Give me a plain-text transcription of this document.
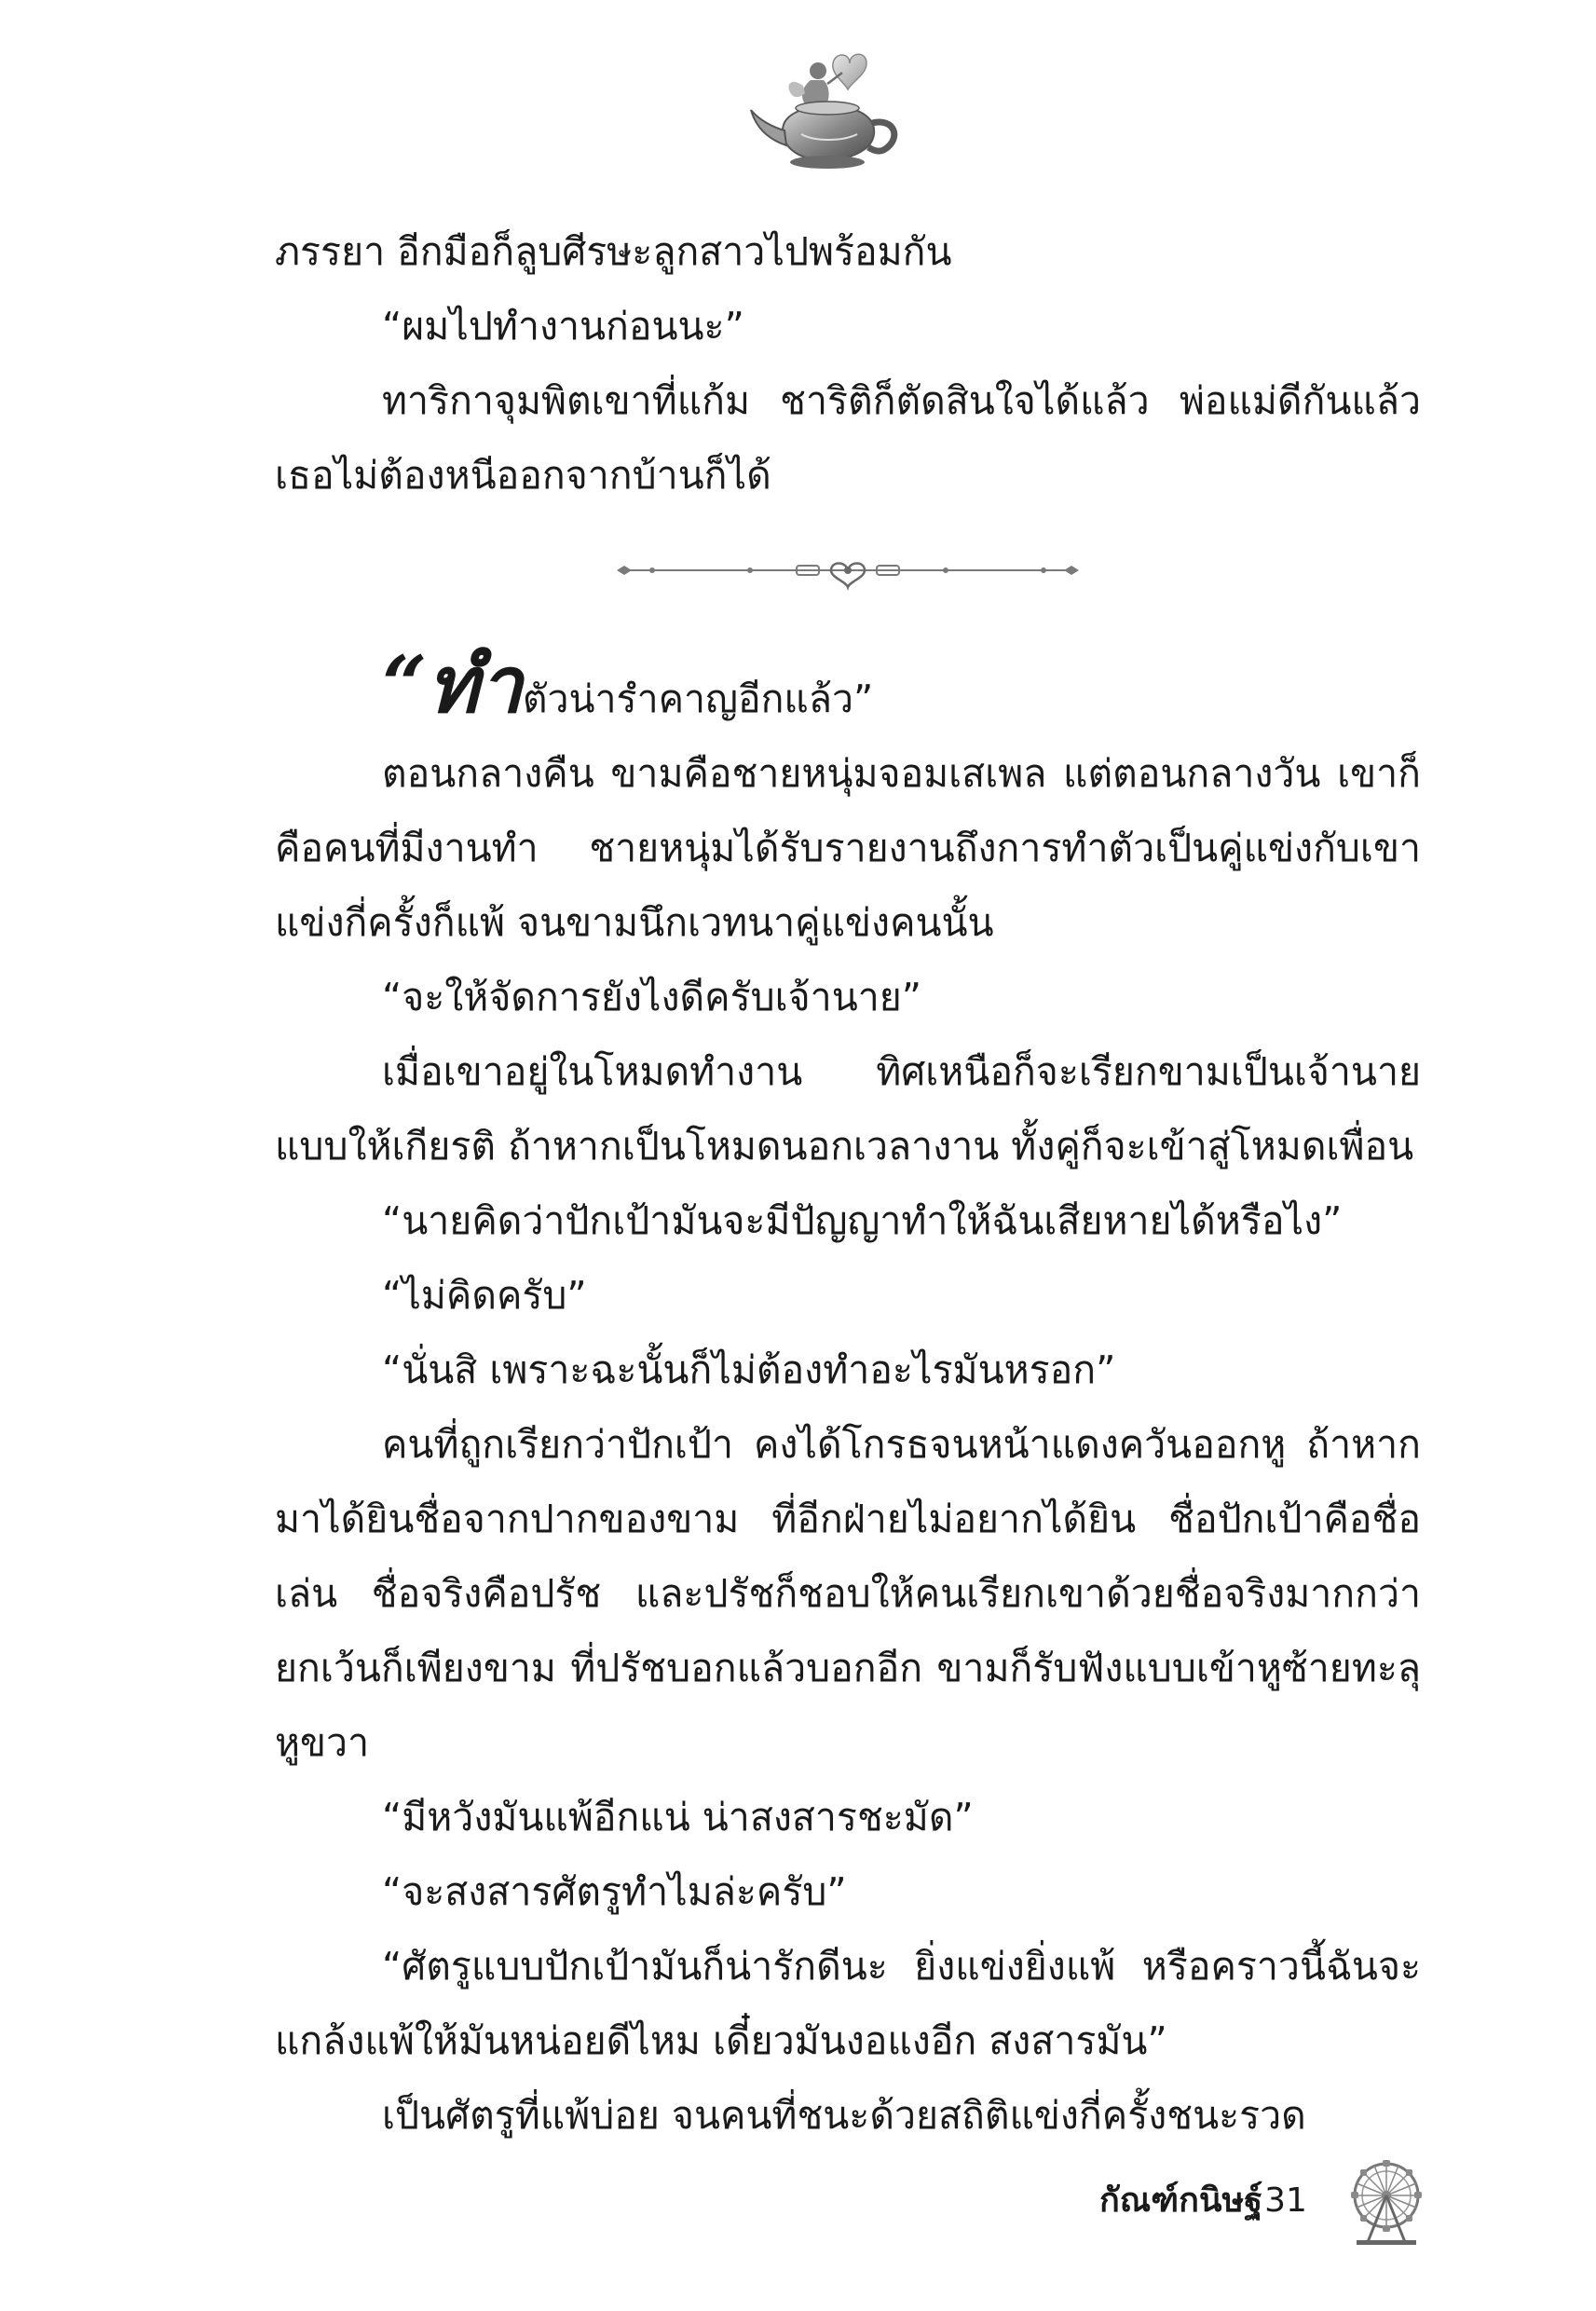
ภรรยา อีกมือก็ลูบศีรษะลูกสาวไปพร้อมกัน

“ผมไปทำงานก่อนนะ”

ทาริกาจุมพิตเขาที่แก้ม ชาริติก็ตัดสินใจได้แล้ว พ่อแม่ดีกันแล้ว เธอไม่ต้องหนีออกจากบ้านก็ได้

“ทำตัวน่ารำคาญอีกแล้ว”

ตอนกลางคืน ขามคือชายหนุ่มจอมเสเพล แต่ตอนกลางวัน เขาก็คือคนที่มีงานทำ ชายหนุ่มได้รับรายงานถึงการทำตัวเป็นคู่แข่งกับเขา แข่งกี่ครั้งก็แพ้ จนขามนึกเวทนาคู่แข่งคนนั้น

“จะให้จัดการยังไงดีครับเจ้านาย”

เมื่อเขาอยู่ในโหมดทำงาน ทิศเหนือก็จะเรียกขามเป็นเจ้านายแบบให้เกียรติ ถ้าหากเป็นโหมดนอกเวลางาน ทั้งคู่ก็จะเข้าสู่โหมดเพื่อน

“นายคิดว่าปักเป้ามันจะมีปัญญาทำให้ฉันเสียหายได้หรือไง”

“ไม่คิดครับ”

“นั่นสิ เพราะฉะนั้นก็ไม่ต้องทำอะไรมันหรอก”

คนที่ถูกเรียกว่าปักเป้า คงได้โกรธจนหน้าแดงควันออกหู ถ้าหากมาได้ยินชื่อจากปากของขาม ที่อีกฝ่ายไม่อยากได้ยิน ชื่อปักเป้าคือชื่อเล่น ชื่อจริงคือปรัช และปรัชก็ชอบให้คนเรียกเขาด้วยชื่อจริงมากกว่า ยกเว้นก็เพียงขาม ที่ปรัชบอกแล้วบอกอีก ขามก็รับฟังแบบเข้าหูซ้ายทะลุหูขวา

“มีหวังมันแพ้อีกแน่ น่าสงสารชะมัด”

“จะสงสารศัตรูทำไมล่ะครับ”

“ศัตรูแบบปักเป้ามันก็น่ารักดีนะ ยิ่งแข่งยิ่งแพ้ หรือคราวนี้ฉันจะแกล้งแพ้ให้มันหน่อยดีไหม เดี๋ยวมันงอแงอีก สงสารมัน”

เป็นศัตรูที่แพ้บ่อย จนคนที่ชนะด้วยสถิติแข่งกี่ครั้งชนะรวด

กัณฑ์กนิษฐ์ 31
